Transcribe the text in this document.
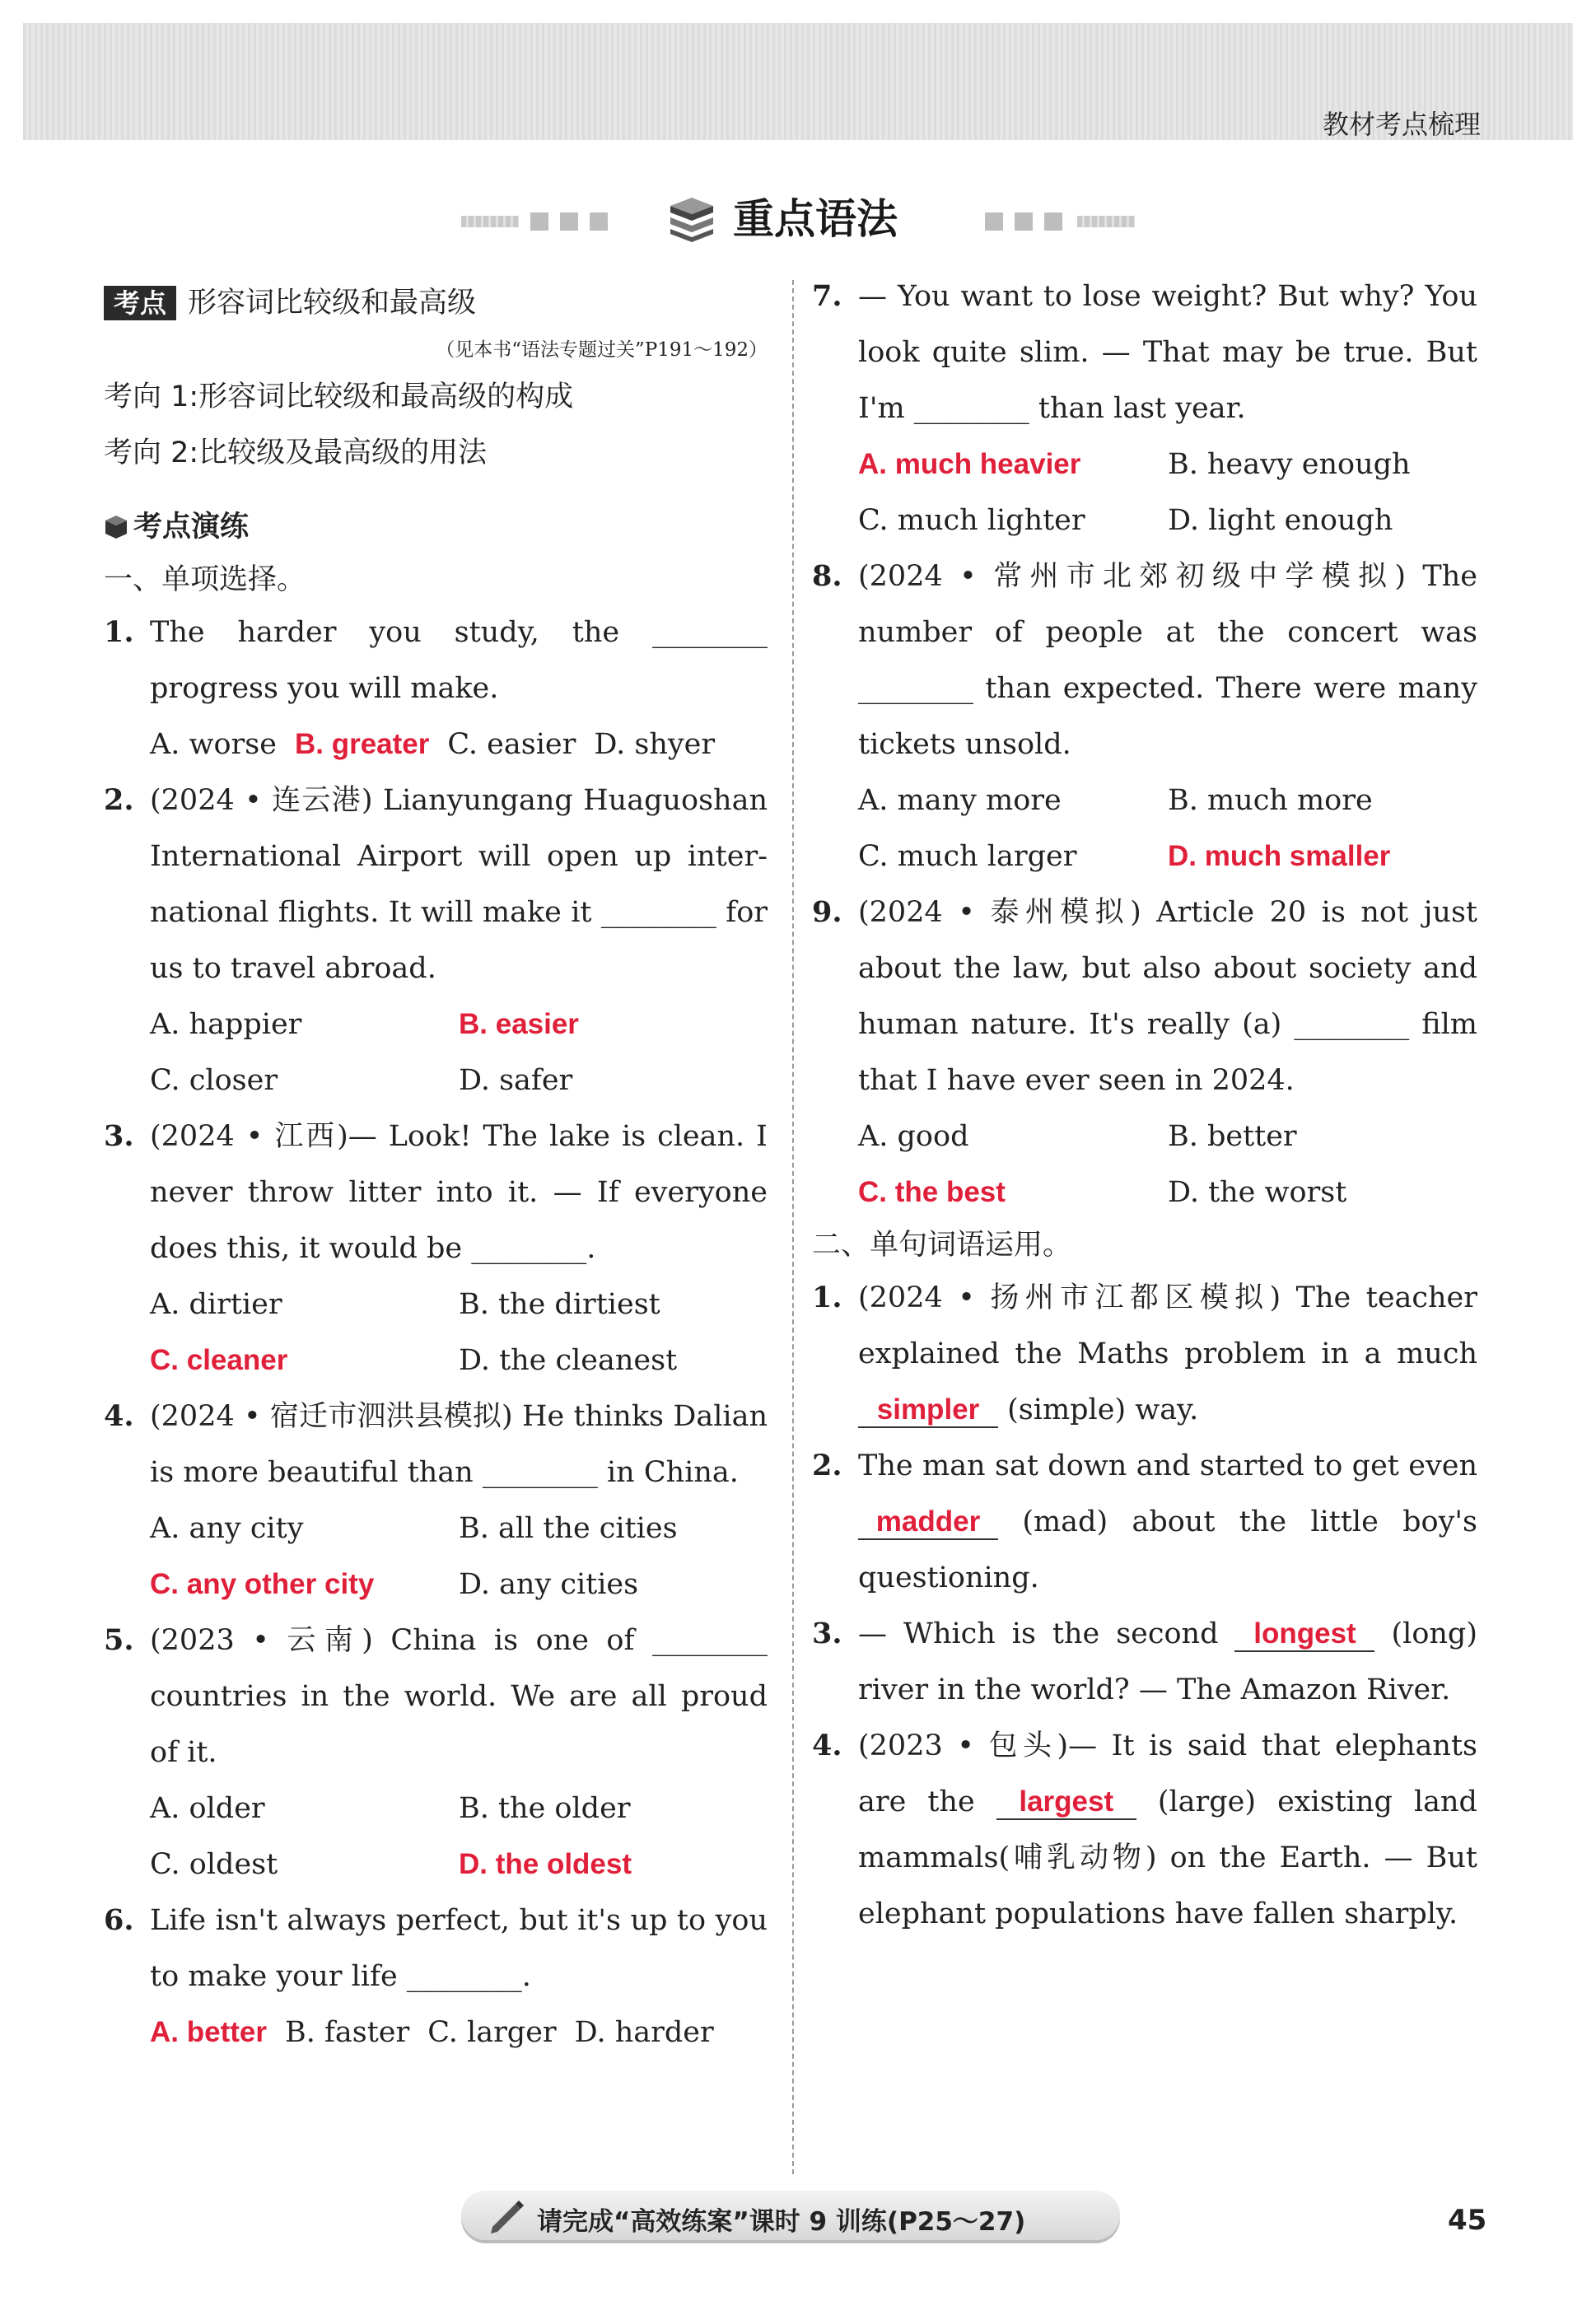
教材考点梳理
重点语法
考点 形容词比较级和最高级
（见本书“语法专题过关”P191～192）
考向 1:形容词比较级和最高级的构成
考向 2:比较级及最高级的用法
考点演练
一、单项选择。
1. The harder you study, the ________ progress you will make.
A. worse B. greater C. easier D. shyer
2. (2024 • 连云港) Lianyungang Huaguoshan International Airport will open up inter-national flights. It will make it ________ for us to travel abroad.
A. happier	B. easier
C. closer	D. safer
3. (2024 • 江西)— Look! The lake is clean. I never throw litter into it. — If everyone does this, it would be ________.
A. dirtier	B. the dirtiest
C. cleaner	D. the cleanest
4. (2024 • 宿迁市泗洪县模拟) He thinks Dalian is more beautiful than ________ in China.
A. any city	B. all the cities
C. any other city	D. any cities
5. (2023 • 云南) China is one of ________ countries in the world. We are all proud of it.
A. older	B. the older
C. oldest	D. the oldest
6. Life isn't always perfect, but it's up to you to make your life ________.
A. better B. faster C. larger D. harder
7. — You want to lose weight? But why? You look quite slim. — That may be true. But I'm ________ than last year.
A. much heavier	B. heavy enough
C. much lighter	D. light enough
8. (2024 • 常州市北郊初级中学模拟) The number of people at the concert was ________ than expected. There were many tickets unsold.
A. many more	B. much more
C. much larger	D. much smaller
9. (2024 • 泰州模拟) Article 20 is not just about the law, but also about society and human nature. It's really (a) ________ film that I have ever seen in 2024.
A. good	B. better
C. the best	D. the worst
二、单句词语运用。
1. (2024 • 扬州市江都区模拟) The teacher explained the Maths problem in a much simpler (simple) way.
2. The man sat down and started to get even madder (mad) about the little boy's questioning.
3. — Which is the second longest (long) river in the world? — The Amazon River.
4. (2023 • 包头)— It is said that elephants are the largest (large) existing land mammals(哺乳动物) on the Earth. — But elephant populations have fallen sharply.
请完成“高效练案”课时 9 训练(P25～27)	45
